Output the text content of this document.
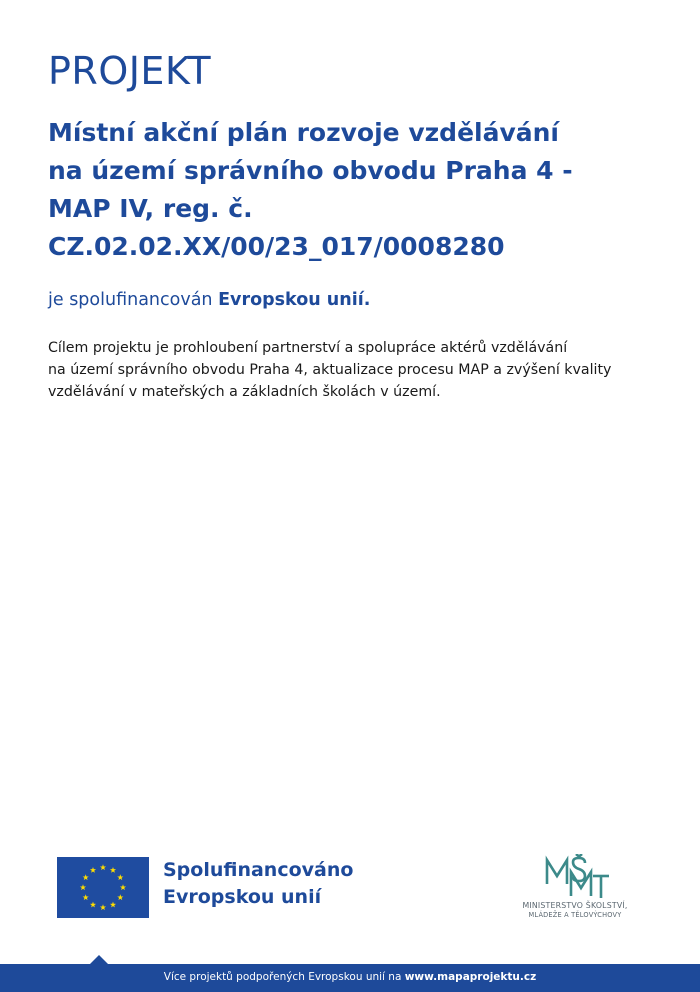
PROJEKT
Místní akční plán rozvoje vzdělávání
na území správního obvodu Praha 4 -
MAP IV, reg. č.
CZ.02.02.XX/00/23_017/0008280
je spolufinancován Evropskou unií.
Cílem projektu je prohloubení partnerství a spolupráce aktérů vzdělávání
na území správního obvodu Praha 4, aktualizace procesu MAP a zvýšení kvality
vzdělávání v mateřských a základních školách v území.
Spolufinancováno
Evropskou unií	MINISTERSTVO ŠKOLSTVÍ,
MLÁDEŽE A TĚLOVÝCHOVY
Více projektů podpořených Evropskou unií na www.mapaprojektu.cz
